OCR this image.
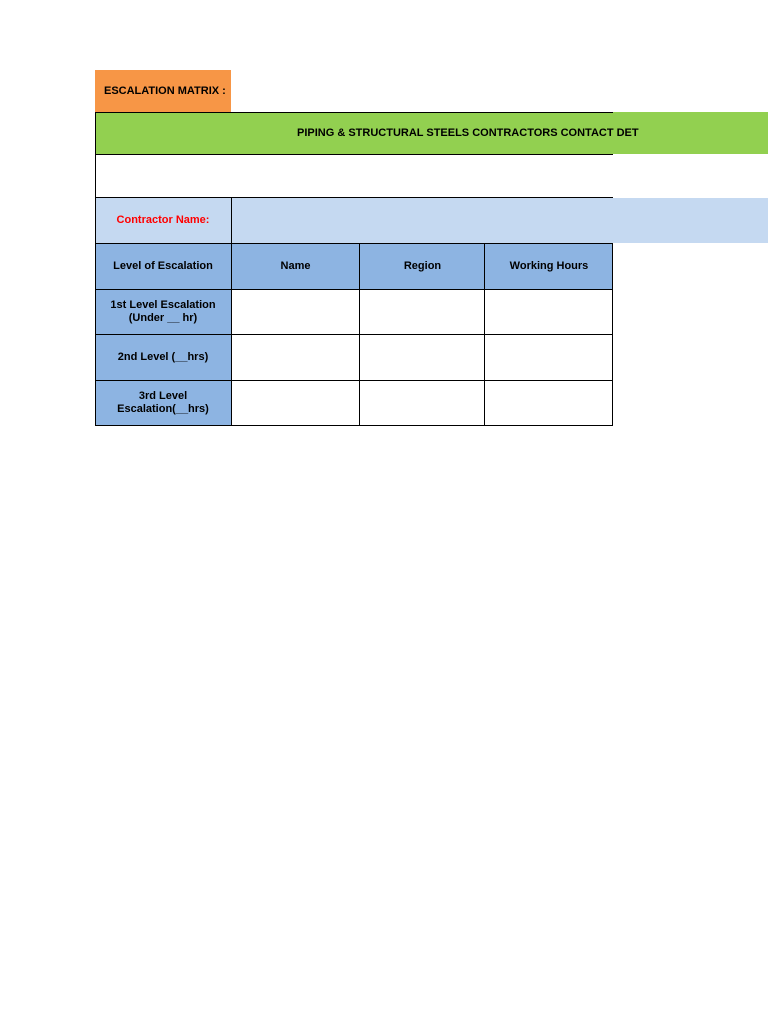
ESCALATION MATRIX :
PIPING & STRUCTURAL STEELS CONTRACTORS CONTACT DET
Contractor Name:
Level of Escalation	Name	Region	Working Hours
1st Level Escalation (Under __ hr)
2nd Level (__hrs)
3rd Level Escalation(__hrs)
